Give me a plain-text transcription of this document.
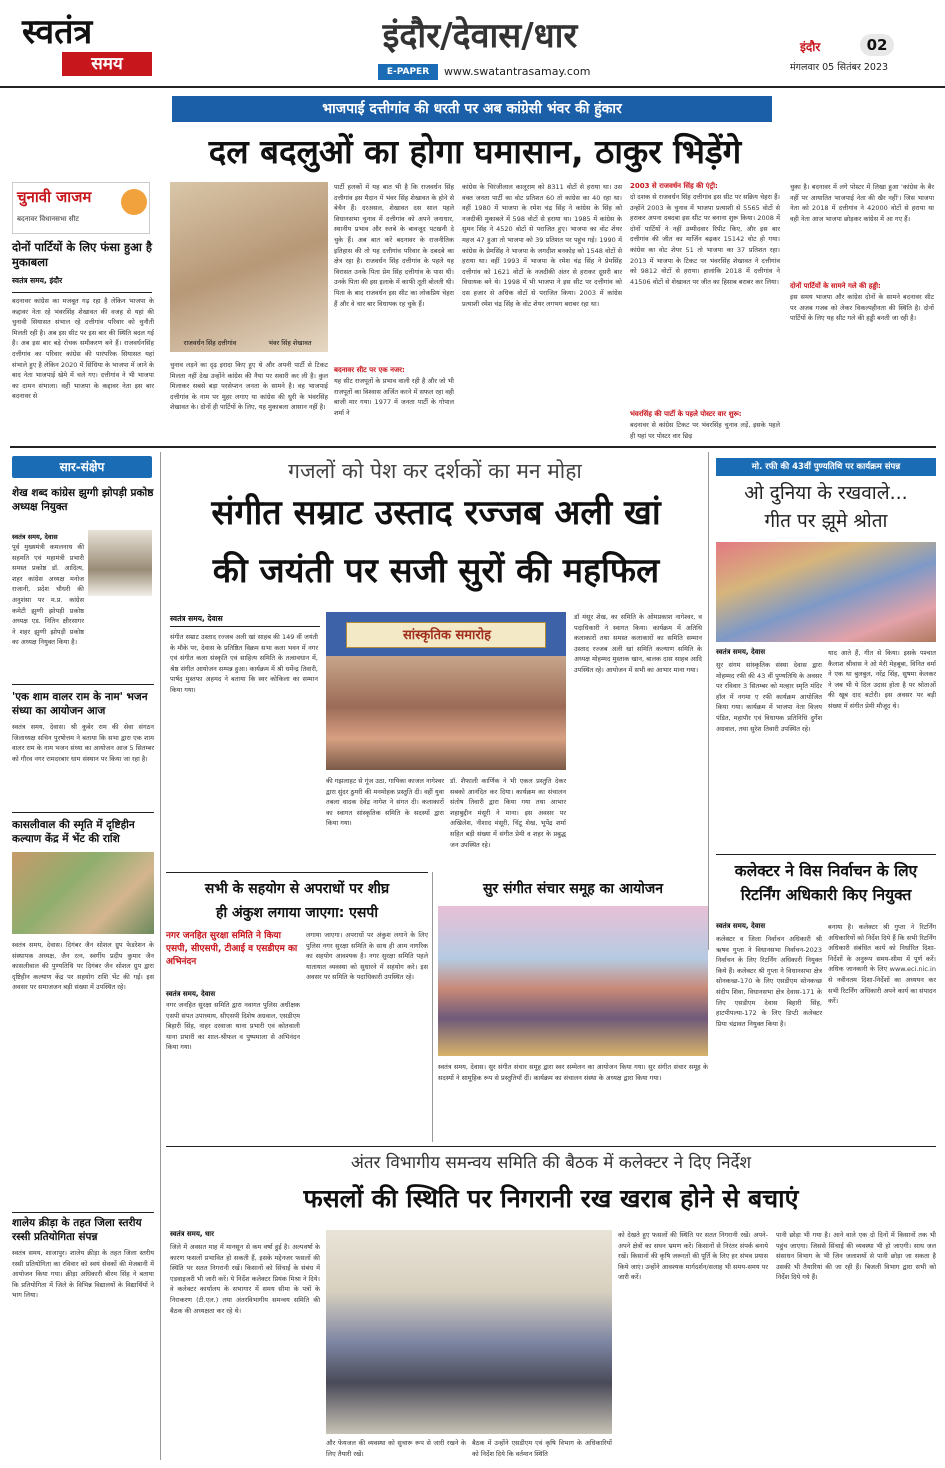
स्वतंत्र
समय
इंदौर/देवास/धार
E-PAPER	www.swatantrasamay.com
इंदौर	02
मंगलवार 05 सितंबर 2023
भाजपाई दत्तीगांव की धरती पर अब कांग्रेसी भंवर की हुंकार
दल बदलुओं का होगा घमासान, ठाकुर भिड़ेंगे
चुनावी जाजम
बदनावर विधानसभा सीट
दोनों पार्टियों के लिए फंसा हुआ है मुकाबला
स्वतंत्र समय, इंदौर
बदनावर कांग्रेस का मजबूत गढ़ रहा है लेकिन भाजपा के कद्दावर नेता रहे भंवरसिंह शेखावत की वजह से यहां की चुनावी सियासत संभाल रहे दत्तीगांव परिवार को चुनौती मिलती रही है। अब इस सीट पर इस बार की स्थिति बदल गई है। अब इस बार बड़े रोचक समीकरण बने हैं। राजवर्धनसिंह दत्तीगांव का परिवार कांग्रेस की पारंपरिक सियासत यहां संभाले हुए है लेकिन 2020 में सिंधिया के भाजपा में जाने के बाद नेता भाजपाई खेमे में चले गए। दत्तीगांव ने भी भाजपा का दामन संभाला। वहीं भाजपा के कद्दावर नेता इस बार बदनावर से
राजवर्धन सिंह दत्तीगांव	भंवर सिंह शेखावत
चुनाव लड़ने का दृढ़ इरादा किए हुए थे और अपनी पार्टी से टिकट मिलता नहीं देख उन्होंने कांग्रेस की नैया पर सवारी कर ली है। कुल मिलाकर सबसे बड़ा परसेप्शन जनता के सामने है। वह भाजपाई दत्तीगांव के नाम पर मुहर लगाए या कांग्रेस की धुरी के भंवरसिंह शेखावत के। दोनों ही पार्टियों के लिए, यह मुकाबला आसान नहीं है।
पार्टी हलकों में यह बात भी है कि राजवर्धन सिंह दत्तीगांव इस मैदान में भंवर सिंह शेखावत के होने से बेचैन हैं। दरअसल, शेखावत दस साल पहले विधानसभा चुनाव में दत्तीगांव को अपने जनाधार, स्थानीय प्रभाव और रुतबे के बावजूद पटखनी दे चुके हैं। अब बात करें बदनावर के राजनीतिक इतिहास की तो यह दत्तीगांव परिवार के दबदबे का क्षेत्र रहा है। राजवर्धन सिंह दत्तीगांव के पहले यह विरासत उनके पिता प्रेम सिंह दत्तीगांव के पास थी। उनके पिता की इस इलाके में काफी तूती बोलती थी। पिता के बाद राजवर्धन इस सीट का लोकप्रिय चेहरा हैं और वे चार बार विधायक रह चुके हैं।
बदनावर सीट पर एक नजर:
यह सीट राजपूतों के प्रभाव वाली रही है और जो भी राजपूतों का विश्वास अर्जित करने में सफल रहा वही बाजी मार गया। 1977 में जनता पार्टी के गोपाल शर्मा ने
कांग्रेस के चिरंजीलाल कालूराम को 8311 वोटों से हराया था। उस वक्त जनता पार्टी का वोट प्रतिशत 60 तो कांग्रेस का 40 रहा था। वहीं 1980 में भाजपा के रमेश चंद्र सिंह ने कांग्रेस के सिंह को नजदीकी मुकाबले में 598 वोटों से हराया था। 1985 में कांग्रेस के सुमन सिंह ने 4520 वोटों से पराजित हुए। भाजपा का वोट शेयर महज 47 हुआ तो भाजपा को 39 प्रतिशत पर पहुंच गई। 1990 में कांग्रेस के प्रेमसिंह ने भाजपा के जगदीश बनकोड़ को 1548 वोटों से हराया था। वहीं 1993 में भाजपा के रमेश चंद्र सिंह ने प्रेमसिंह दत्तीगांव को 1621 वोटों के नजदीकी अंतर से हराकर दूसरी बार विधायक बने थे। 1998 में भी भाजपा ने इस सीट पर दत्तीगांव को दस हजार से अधिक वोटों से पराजित किया। 2003 में कांग्रेस प्रत्याशी रमेश चंद्र सिंह के वोट शेयर लगभग बराबर रहा था।
2003 से राजवर्धन सिंह की एंट्री:
दो दशक से राजवर्धन सिंह दत्तीगांव इस सीट पर सक्रिय चेहरा हैं। उन्होंने 2003 के चुनाव में भाजपा प्रत्याशी से 5565 वोटों से हराकर अपना दबदबा इस सीट पर बनाना शुरू किया। 2008 में दोनों पार्टियों ने नहीं उम्मीदवार रिपीट किए, और इस बार दत्तीगांव की जीत का मार्जिन बढ़कर 15142 वोट हो गया। कांग्रेस का वोट शेयर 51 तो भाजपा का 37 प्रतिशत रहा। 2013 में भाजपा के टिकट पर भंवरसिंह शेखावत ने दत्तीगांव को 9812 वोटों से हराया। हालांकि 2018 में दत्तीगांव ने 41506 वोटों से शेखावत पर जीत का हिसाब बराबर कर लिया।
भंवरसिंह की पार्टी के पहले पोस्टर वार शुरू:
बदनावर से कांग्रेस टिकट पर भंवरसिंह चुनाव लड़ें, इसके पहले ही यहां पर पोस्टर वार छिड़
चुका है। बदनावर में लगे पोस्टर में लिखा हुआ 'कांग्रेस के बैर नहीं पर आयातित भाजपाई नेता की खैर नहीं'। जिस भाजपा नेता को 2018 में दत्तीगांव ने 42000 वोटों से हराया था वही नेता आज भाजपा छोड़कर कांग्रेस में आ गए हैं।
दोनों पार्टियों के सामने गले की हड्डी:
इस समय भाजपा और कांग्रेस दोनों के सामने बदनावर सीट पर अजब गजब को लेकर विकल्पहीनता की स्थिति है। दोनों पार्टियों के लिए यह सीट गले की हड्डी बनती जा रही है।
सार-संक्षेप
शेख शब्द कांग्रेस झुग्गी झोपड़ी प्रकोष्ठ अध्यक्ष नियुक्त
स्वतंत्र समय, देवास
पूर्व मुख्यमंत्री कमलनाथ की सहमति एवं महामंत्री प्रभारी समस्त प्रकोष्ठ डॉ. आदित्य, शहर कांग्रेस अध्यक्ष मनोज राजानी, प्रदेश चौधरी की अनुशंसा पर म.प्र. कांग्रेस कमेटी झुग्गी झोपड़ी प्रकोष्ठ अध्यक्ष एड. नितिन क्षीरसागर ने शहर झुग्गी झोपड़ी प्रकोष्ठ का अध्यक्ष नियुक्त किया है।
'एक शाम वालर राम के नाम' भजन संध्या का आयोजन आज
स्वतंत्र समय, देवास। श्री कुबेर राम की सेवा संगठन जिलाध्यक्ष सचिन पुरषोत्तम ने बताया कि सभा द्वारा एक शाम वालर राम के नाम भजन संध्या का आयोजन आज 5 सितम्बर को गौरव नगर रामदरबार धाम संस्थान पर किया जा रहा है।
कासलीवाल की स्मृति में दृष्टिहीन कल्याण केंद्र में भेंट की राशि
स्वतंत्र समय, देवास। दिगंबर जैन सोशल ग्रुप फेडरेशन के संस्थापक अध्यक्ष, जैन रत्न, स्वर्गीय प्रदीप कुमार जैन कासलीवाल की पुण्यतिथि पर दिगंबर जैन सोशल ग्रुप द्वारा दृष्टिहीन कल्याण केंद्र पर सहयोग राशि भेंट की गई। इस अवसर पर समाजजन बड़ी संख्या में उपस्थित रहे।
शालेय क्रीड़ा के तहत जिला स्तरीय रस्सी प्रतियोगिता संपन्न
स्वतंत्र समय, शाजापुर। शालेय क्रीड़ा के तहत जिला स्तरीय रस्सी प्रतियोगिता का रविवार को स्वयं सेवकों की मेजबानी में आयोजन किया गया। क्रीड़ा अधिकारी बीरम सिंह ने बताया कि प्रतियोगिता में जिले के विभिन्न विद्यालयों के विद्यार्थियों ने भाग लिया।
गजलों को पेश कर दर्शकों का मन मोहा
संगीत सम्राट उस्ताद रज्जब अली खां
की जयंती पर सजी सुरों की महफिल
स्वतंत्र समय, देवास
संगीत सम्राट उस्ताद रज्जब अली खां साहब की 149 वीं जयंती के मौके पर, देवास के प्रतिष्ठित विक्रम सभा कला भवन में नगर एवं संगीत कला संस्कृति एवं साहित्य समिति के तत्वावधान में, श्रेष्ठ संगीत आयोजन सम्पन्न हुआ। कार्यक्रम में श्री धर्मेन्द्र तिवारी, पार्षद मुस्तफा अहमद ने बताया कि स्वर कोकिला का सम्मान किया गया।
सांस्कृतिक समारोह
की गझलाहट से गूंज उठा, गायिका काजल नागेश्वर द्वारा सुंदर ठुमरी की मनमोहक प्रस्तुति दी। वहीं युवा तबला वादक देवेंद्र नागेश ने संगत दी। कलाकारों का स्वागत सांस्कृतिक समिति के सदस्यों द्वारा किया गया।
डॉ. शैफाली कार्णिक ने भी एकल प्रस्तुति देकर सबको आनंदित कर दिया। कार्यक्रम का संचालन संतोष तिवारी द्वारा किया गया तथा आभार शहाबुद्दीन मंसूरी ने माना। इस अवसर पर अखिलेश, नीशाद मंसूरी, चिंटू शेख, भूपेंद्र शर्मा सहित बड़ी संख्या में संगीत प्रेमी व शहर के प्रबुद्ध जन उपस्थित रहे।
डॉ मंसूर शेख, का समिति के ओमप्रकाश नागेश्वर, व पदाधिकारी ने स्वागत किया। कार्यक्रम में अतिथि कलाकारों तथा समस्त कलाकारों का समिति सम्मान उस्ताद रज्जब अली खां समिति कल्याण समिति के अध्यक्ष मोहम्मद मुस्ताक खान, बालक दास साहब आदि उपस्थित रहे। आयोजन में सभी का आभार माना गया।
मो. रफी की 43वीं पुण्यतिथि पर कार्यक्रम संपन्न
ओ दुनिया के रखवाले...
गीत पर झूमे श्रोता
स्वतंत्र समय, देवास
सुर संगम सांस्कृतिक संस्था देवास द्वारा मोहम्मद रफी की 43 वीं पुण्यतिथि के अवसर पर रविवार 3 सितम्बर को मल्हार स्मृति मंदिर हॉल में नगमा ए रफी कार्यक्रम आयोजित किया गया। कार्यक्रम में भाजपा नेता विजय पंडित, महापौर एवं विधायक प्रतिनिधि दुर्गेश अग्रवाल, तथा सुरेश तिवारी उपस्थित रहे।
याद आते हैं, गीत से किया। इसके पश्चात कैलाश श्रीवास ने ओ मेरी मेहबूबा, विनित वर्मा ने एक था बुलबुल, नरेंद्र सिंह, सुषमा केलकर ने जब भी ये दिल उदास होता है पर श्रोताओं की खूब दाद बटोरी। इस अवसर पर बड़ी संख्या में संगीत प्रेमी मौजूद थे।
कलेक्टर ने विस निर्वाचन के लिए
रिटर्निंग अधिकारी किए नियुक्त
स्वतंत्र समय, देवास
कलेक्टर व जिला निर्वाचन अधिकारी श्री ऋषव गुप्ता ने विधानसभा निर्वाचन-2023 निर्वाचन के लिए रिटर्निंग अधिकारी नियुक्त किये हैं। कलेक्टर श्री गुप्ता ने विधानसभा क्षेत्र सोनकच्छ-170 के लिए एसडीएम सोनकच्छ संदीप शिवा, विधानसभा क्षेत्र देवास-171 के लिए एसडीएम देवास बिहारी सिंह, हाटपीपल्या-172 के लिए डिप्टी कलेक्टर प्रिया चंद्रावत नियुक्त किया है।
बनाया है। कलेक्टर श्री गुप्ता ने रिटर्निंग अधिकारियों को निर्देश दिये हैं कि सभी रिटर्निंग अधिकारी संबंधित कार्य को निर्धारित दिशा-निर्देशों के अनुरूप समय-सीमा में पूर्ण करें। अधिक जानकारी के लिए www.eci.nic.in से नवीनतम दिशा-निर्देशों का अध्ययन कर सभी रिटर्निंग अधिकारी अपने कार्य का संपादन करें।
सभी के सहयोग से अपराधों पर शीघ्र
ही अंकुश लगाया जाएगा: एसपी
नगर जनहित सुरक्षा समिति ने किया एसपी, सीएसपी, टीआई व एसडीएम का अभिनंदन
स्वतंत्र समय, देवास
नगर जनहित सुरक्षा समिति द्वारा नवागत पुलिस अधीक्षक एसपी संपत उपाध्याय, सीएसपी दिशेष अग्रवाल, एसडीएम बिहारी सिंह, नाहर दरवाजा थाना प्रभारी एवं कोतवाली थाना प्रभारी का शाल-श्रीफल व पुष्पमाला से अभिनंदन किया गया।
लगाया जाएगा। अपराधों पर अंकुश लगाने के लिए पुलिस नगर सुरक्षा समिति के साथ ही आम नागरिक का सहयोग आवश्यक है। नगर सुरक्षा समिति पहले यातायात व्यवस्था को सुधारने में सहयोग करे। इस अवसर पर समिति के पदाधिकारी उपस्थित रहे।
सुर संगीत संचार समूह का आयोजन
स्वतंत्र समय, देवास। सुर संगीत संचार समूह द्वारा स्वर सम्मेलन का आयोजन किया गया। सुर संगीत संचार समूह के सदस्यों ने सामूहिक रूप से प्रस्तुतियाँ दीं। कार्यक्रम का संचालन संस्था के अध्यक्ष द्वारा किया गया।
अंतर विभागीय समन्वय समिति की बैठक में कलेक्टर ने दिए निर्देश
फसलों की स्थिति पर निगरानी रख खराब होने से बचाएं
स्वतंत्र समय, धार
जिले में अवसत माह में मानसून से कम वर्षा हुई है। अल्पवर्षा के कारण फसलों प्रभावित हो सकती हैं, इसके मद्देनजर फसलों की स्थिति पर सतत निगरानी रखें। किसानों को सिंचाई के संबंध में एडवाइजरी भी जारी करें। ये निर्देश कलेक्टर प्रियंक मिश्रा ने दिये। वे कलेक्टर कार्यालय के सभागार में समय सीमा के पत्रों के निराकरण (टी.एल.) तथा अंतरविभागीय समन्वय समिति की बैठक की अध्यक्षता कर रहे थे।
और फेयजल की व्यवस्था को सुचारू रूप से जारी रखने के लिए तैयारी रखें।
बैठक में उन्होंने एसडीएम एवं कृषि विभाग के अधिकारियों को निर्देश दिये कि वर्तमान स्थिति
को देखते हुए फसलों की स्थिति पर सतत निगरानी रखें। अपने-अपने क्षेत्रों का सघन भ्रमण करें। किसानों से निरंतर संपर्क बनाये रखें। किसानों की कृषि जरूरतों की पूर्ति के लिए हर संभव प्रयास किये जाएं। उन्होंने आवश्यक मार्गदर्शन/सलाह भी समय-समय पर जारी करें।
पानी छोड़ा भी गया है। आने वाले एक दो दिनों में किसानों तक भी पहुंच जाएगा। जिससे सिंचाई की व्यवस्था भी हो जाएगी। साथ जल संसाधन विभाग के भी जिन जलाशयों से पानी छोड़ा जा सकता है उसकी भी तैयारियां की जा रही हैं। बिजली विभाग द्वारा सभी को निर्देश दिये गये हैं।
